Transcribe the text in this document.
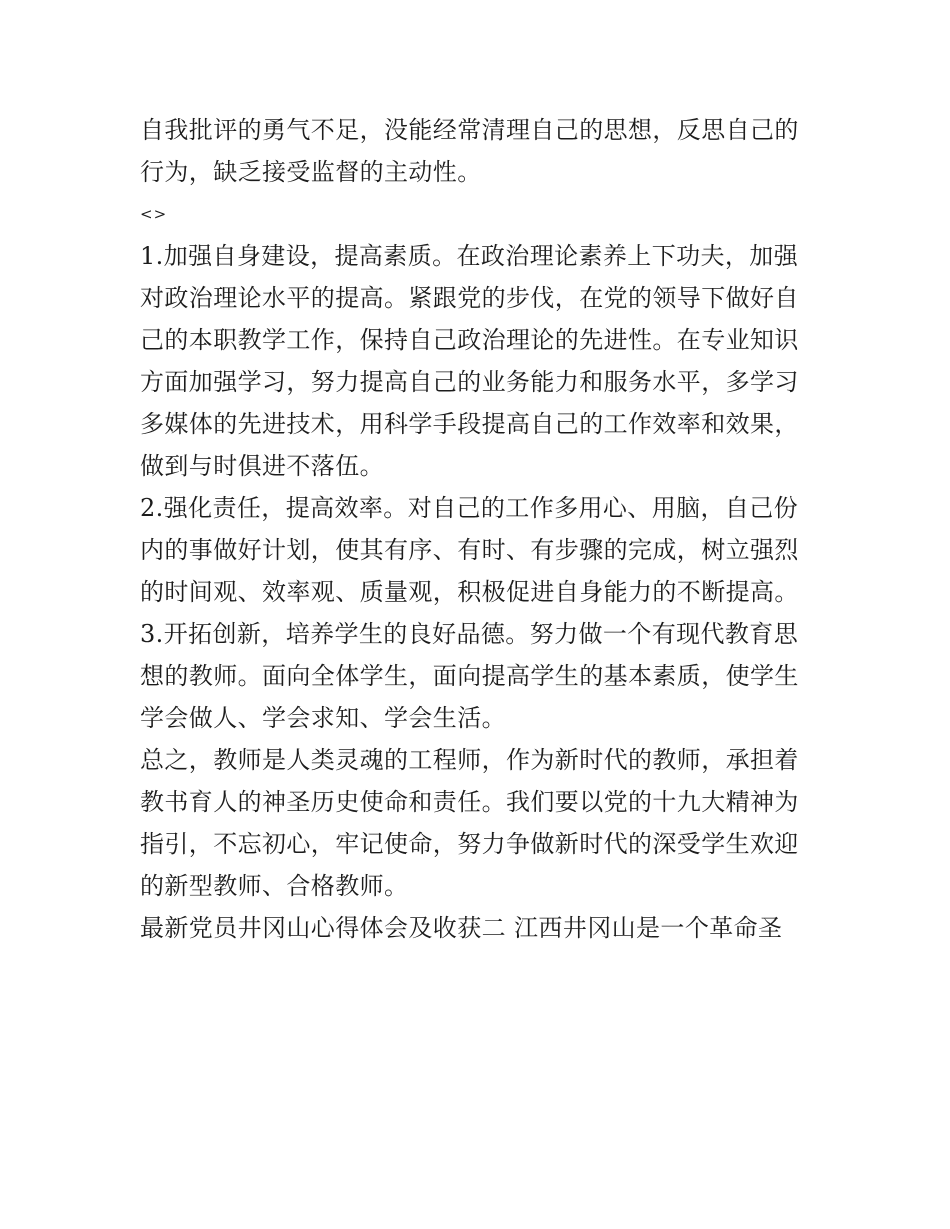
自我批评的勇气不足，没能经常清理自己的思想，反思自己的
行为，缺乏接受监督的主动性。
<>
1.加强自身建设，提高素质。在政治理论素养上下功夫，加强
对政治理论水平的提高。紧跟党的步伐，在党的领导下做好自
己的本职教学工作，保持自己政治理论的先进性。在专业知识
方面加强学习，努力提高自己的业务能力和服务水平，多学习
多媒体的先进技术，用科学手段提高自己的工作效率和效果，
做到与时俱进不落伍。
2.强化责任，提高效率。对自己的工作多用心、用脑，自己份
内的事做好计划，使其有序、有时、有步骤的完成，树立强烈
的时间观、效率观、质量观，积极促进自身能力的不断提高。
3.开拓创新，培养学生的良好品德。努力做一个有现代教育思
想的教师。面向全体学生，面向提高学生的基本素质，使学生
学会做人、学会求知、学会生活。
总之，教师是人类灵魂的工程师，作为新时代的教师，承担着
教书育人的神圣历史使命和责任。我们要以党的十九大精神为
指引，不忘初心，牢记使命，努力争做新时代的深受学生欢迎
的新型教师、合格教师。
最新党员井冈山心得体会及收获二 江西井冈山是一个革命圣
